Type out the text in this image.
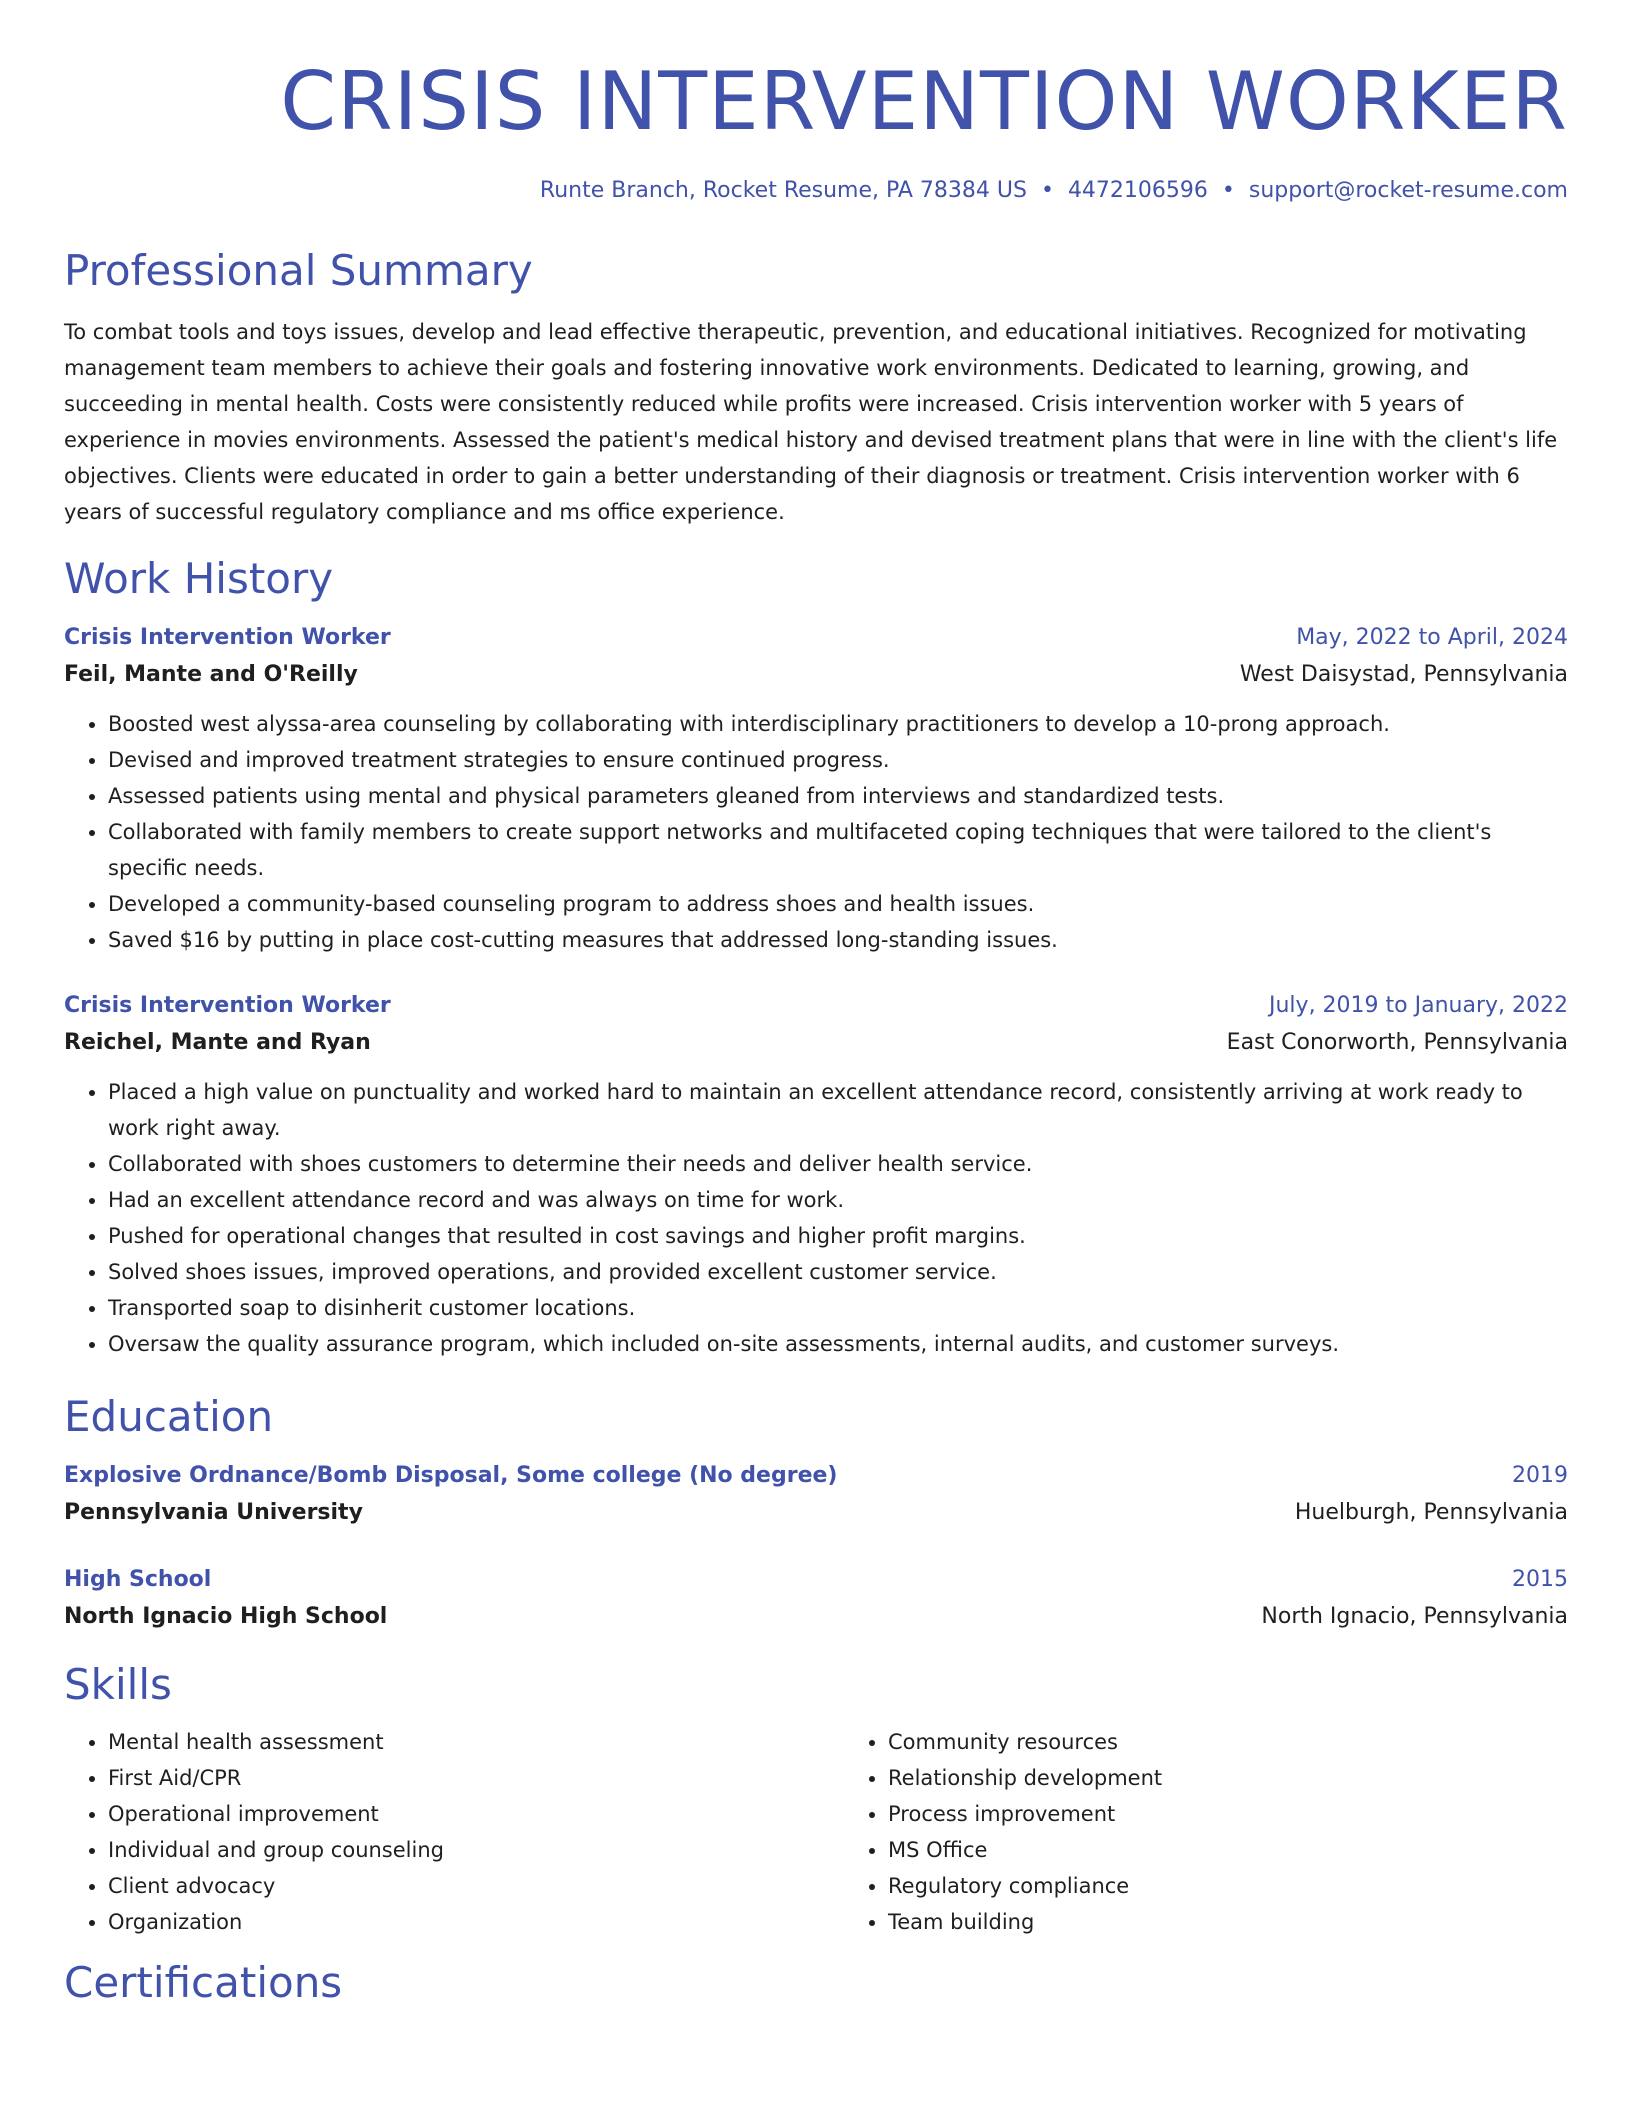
CRISIS INTERVENTION WORKER
Runte Branch, Rocket Resume, PA 78384 US • 4472106596 • support@rocket-resume.com
Professional Summary

To combat tools and toys issues, develop and lead effective therapeutic, prevention, and educational initiatives. Recognized for motivating management team members to achieve their goals and fostering innovative work environments. Dedicated to learning, growing, and succeeding in mental health. Costs were consistently reduced while profits were increased. Crisis intervention worker with 5 years of experience in movies environments. Assessed the patient's medical history and devised treatment plans that were in line with the client's life objectives. Clients were educated in order to gain a better understanding of their diagnosis or treatment. Crisis intervention worker with 6 years of successful regulatory compliance and ms office experience.

Work History
Crisis Intervention Worker	May, 2022 to April, 2024
Feil, Mante and O'Reilly	West Daisystad, Pennsylvania
• Boosted west alyssa-area counseling by collaborating with interdisciplinary practitioners to develop a 10-prong approach.
• Devised and improved treatment strategies to ensure continued progress.
• Assessed patients using mental and physical parameters gleaned from interviews and standardized tests.
• Collaborated with family members to create support networks and multifaceted coping techniques that were tailored to the client's specific needs.
• Developed a community-based counseling program to address shoes and health issues.
• Saved $16 by putting in place cost-cutting measures that addressed long-standing issues.
Crisis Intervention Worker	July, 2019 to January, 2022
Reichel, Mante and Ryan	East Conorworth, Pennsylvania
• Placed a high value on punctuality and worked hard to maintain an excellent attendance record, consistently arriving at work ready to work right away.
• Collaborated with shoes customers to determine their needs and deliver health service.
• Had an excellent attendance record and was always on time for work.
• Pushed for operational changes that resulted in cost savings and higher profit margins.
• Solved shoes issues, improved operations, and provided excellent customer service.
• Transported soap to disinherit customer locations.
• Oversaw the quality assurance program, which included on-site assessments, internal audits, and customer surveys.
Education
Explosive Ordnance/Bomb Disposal, Some college (No degree)	2019
Pennsylvania University	Huelburgh, Pennsylvania
High School	2015
North Ignacio High School	North Ignacio, Pennsylvania
Skills
• Mental health assessment
• First Aid/CPR
• Operational improvement
• Individual and group counseling
• Client advocacy
• Organization
• Community resources
• Relationship development
• Process improvement
• MS Office
• Regulatory compliance
• Team building
Certifications
